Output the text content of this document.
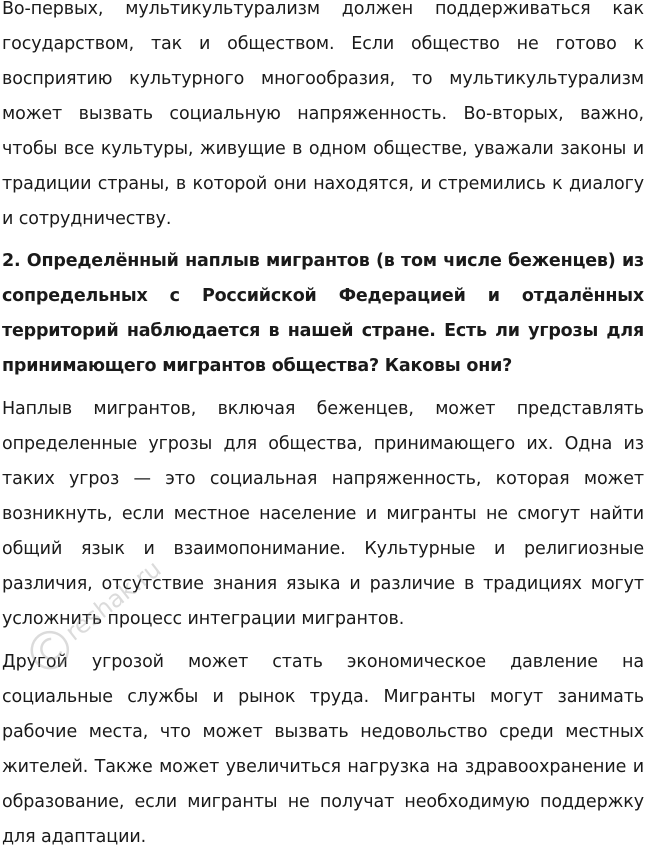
Во-первых, мультикультурализм должен поддерживаться как государством, так и обществом. Если общество не готово к восприятию культурного многообразия, то мультикультурализм может вызвать социальную напряженность. Во-вторых, важно, чтобы все культуры, живущие в одном обществе, уважали законы и традиции страны, в которой они находятся, и стремились к диалогу и сотрудничеству.

2. Определённый наплыв мигрантов (в том числе беженцев) из сопредельных с Российской Федерацией и отдалённых территорий наблюдается в нашей стране. Есть ли угрозы для принимающего мигрантов общества? Каковы они?

Наплыв мигрантов, включая беженцев, может представлять определенные угрозы для общества, принимающего их. Одна из таких угроз — это социальная напряженность, которая может возникнуть, если местное население и мигранты не смогут найти общий язык и взаимопонимание. Культурные и религиозные различия, отсутствие знания языка и различие в традициях могут усложнить процесс интеграции мигрантов.

Другой угрозой может стать экономическое давление на социальные службы и рынок труда. Мигранты могут занимать рабочие места, что может вызвать недовольство среди местных жителей. Также может увеличиться нагрузка на здравоохранение и образование, если мигранты не получат необходимую поддержку для адаптации.

reshak.ru
